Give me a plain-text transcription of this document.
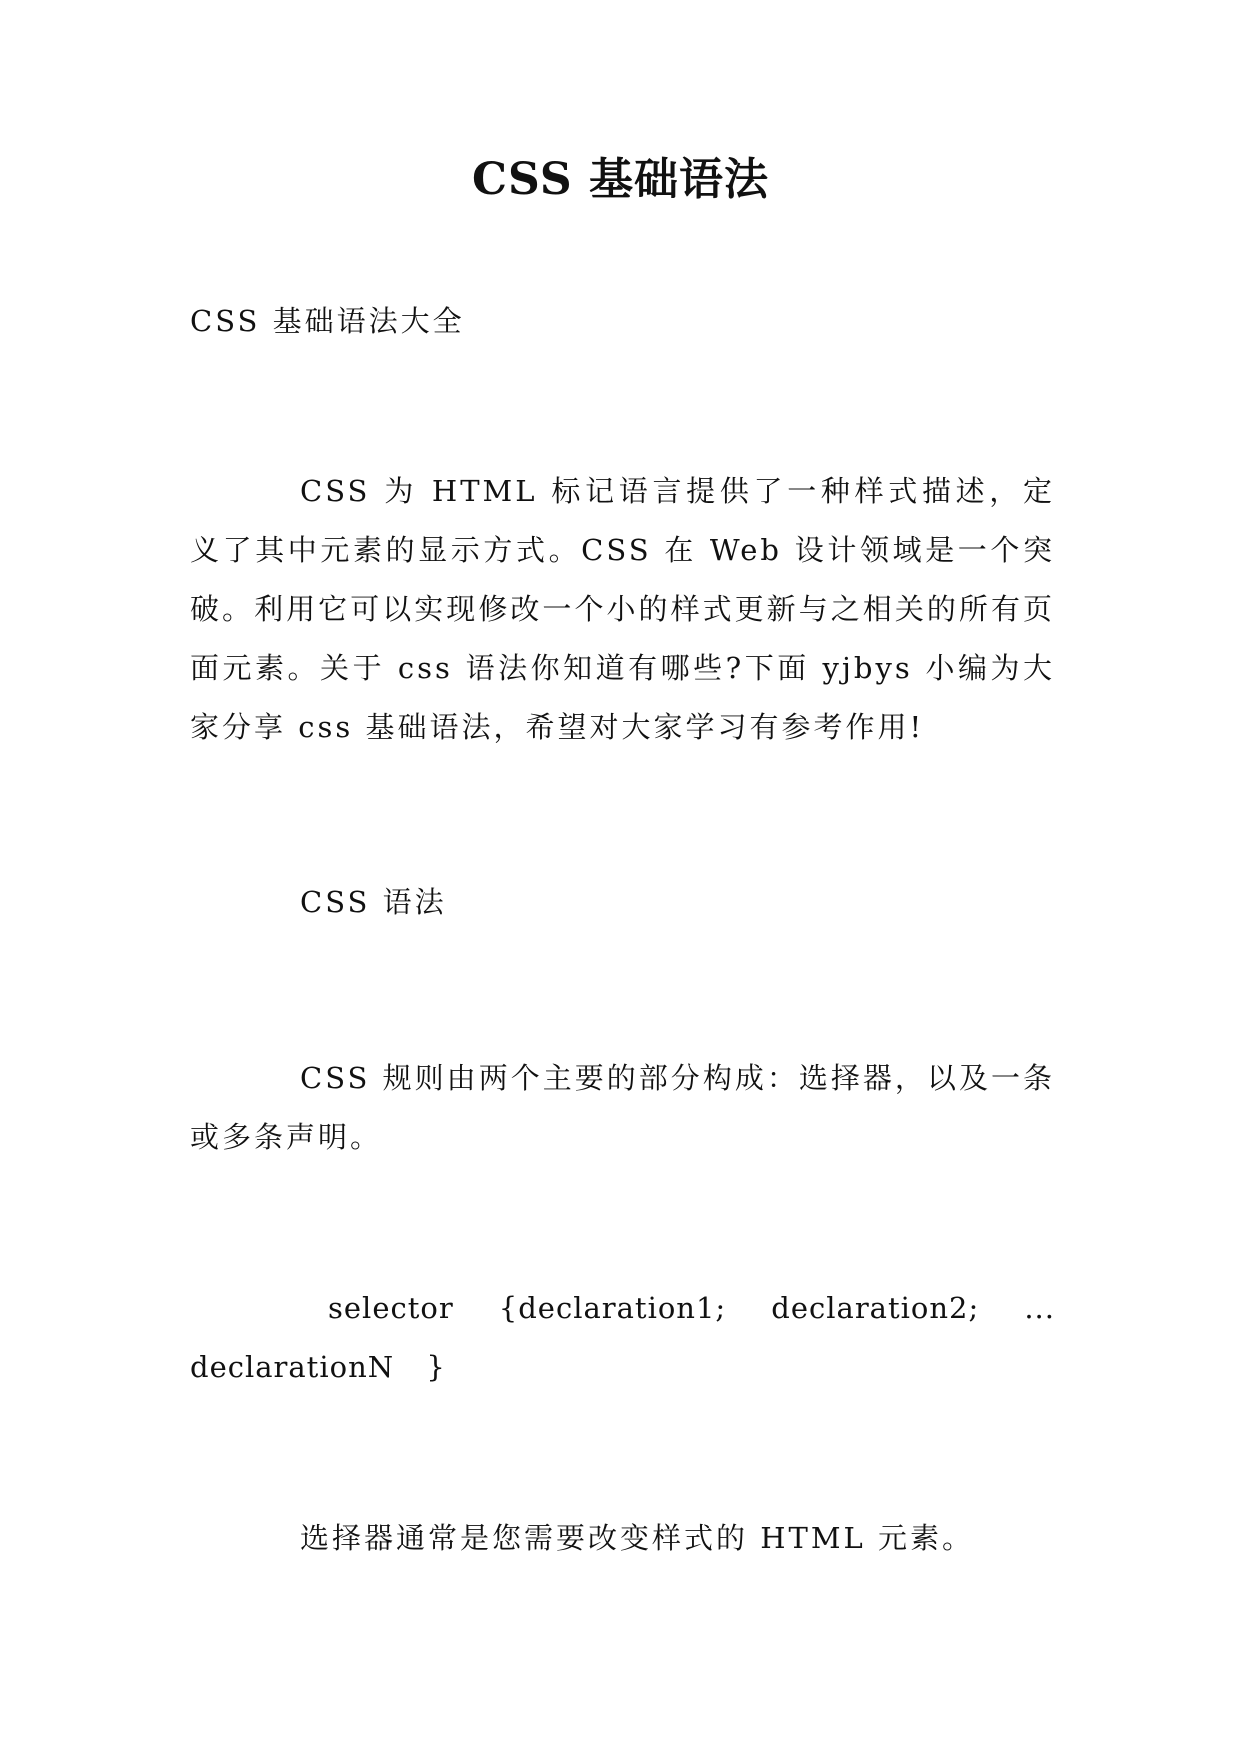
CSS 基础语法
CSS 基础语法大全
CSS 为 HTML 标记语言提供了一种样式描述，定义了其中元素的显示方式。CSS 在 Web 设计领域是一个突破。利用它可以实现修改一个小的样式更新与之相关的所有页面元素。关于 css 语法你知道有哪些?下面 yjbys 小编为大家分享 css 基础语法，希望对大家学习有参考作用!
CSS 语法
CSS 规则由两个主要的部分构成：选择器，以及一条或多条声明。
selector {declaration1; declaration2; ... declarationN }
选择器通常是您需要改变样式的 HTML 元素。
